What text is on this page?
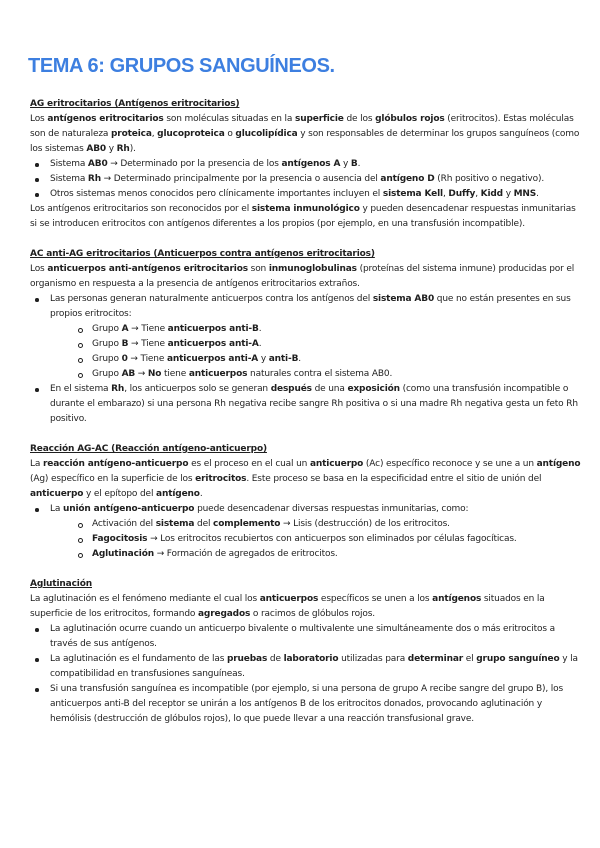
TEMA 6: GRUPOS SANGUÍNEOS.

AG eritrocitarios (Antígenos eritrocitarios)

Los antígenos eritrocitarios son moléculas situadas en la superficie de los glóbulos rojos (eritrocitos). Estas moléculas son de naturaleza proteica, glucoproteica o glucolipídica y son responsables de determinar los grupos sanguíneos (como los sistemas AB0 y Rh).

Sistema AB0 → Determinado por la presencia de los antígenos A y B.
Sistema Rh → Determinado principalmente por la presencia o ausencia del antígeno D (Rh positivo o negativo).
Otros sistemas menos conocidos pero clínicamente importantes incluyen el sistema Kell, Duffy, Kidd y MNS.

Los antígenos eritrocitarios son reconocidos por el sistema inmunológico y pueden desencadenar respuestas inmunitarias si se introducen eritrocitos con antígenos diferentes a los propios (por ejemplo, en una transfusión incompatible).

AC anti-AG eritrocitarios (Anticuerpos contra antígenos eritrocitarios)

Los anticuerpos anti-antígenos eritrocitarios son inmunoglobulinas (proteínas del sistema inmune) producidas por el organismo en respuesta a la presencia de antígenos eritrocitarios extraños.

Las personas generan naturalmente anticuerpos contra los antígenos del sistema AB0 que no están presentes en sus propios eritrocitos:
Grupo A → Tiene anticuerpos anti-B.
Grupo B → Tiene anticuerpos anti-A.
Grupo 0 → Tiene anticuerpos anti-A y anti-B.
Grupo AB → No tiene anticuerpos naturales contra el sistema AB0.
En el sistema Rh, los anticuerpos solo se generan después de una exposición (como una transfusión incompatible o durante el embarazo) si una persona Rh negativa recibe sangre Rh positiva o si una madre Rh negativa gesta un feto Rh positivo.

Reacción AG-AC (Reacción antígeno-anticuerpo)

La reacción antígeno-anticuerpo es el proceso en el cual un anticuerpo (Ac) específico reconoce y se une a un antígeno (Ag) específico en la superficie de los eritrocitos. Este proceso se basa en la especificidad entre el sitio de unión del anticuerpo y el epítopo del antígeno.

La unión antígeno-anticuerpo puede desencadenar diversas respuestas inmunitarias, como:
Activación del sistema del complemento → Lisis (destrucción) de los eritrocitos.
Fagocitosis → Los eritrocitos recubiertos con anticuerpos son eliminados por células fagocíticas.
Aglutinación → Formación de agregados de eritrocitos.

Aglutinación

La aglutinación es el fenómeno mediante el cual los anticuerpos específicos se unen a los antígenos situados en la superficie de los eritrocitos, formando agregados o racimos de glóbulos rojos.

La aglutinación ocurre cuando un anticuerpo bivalente o multivalente une simultáneamente dos o más eritrocitos a través de sus antígenos.
La aglutinación es el fundamento de las pruebas de laboratorio utilizadas para determinar el grupo sanguíneo y la compatibilidad en transfusiones sanguíneas.
Si una transfusión sanguínea es incompatible (por ejemplo, si una persona de grupo A recibe sangre del grupo B), los anticuerpos anti-B del receptor se unirán a los antígenos B de los eritrocitos donados, provocando aglutinación y hemólisis (destrucción de glóbulos rojos), lo que puede llevar a una reacción transfusional grave.
